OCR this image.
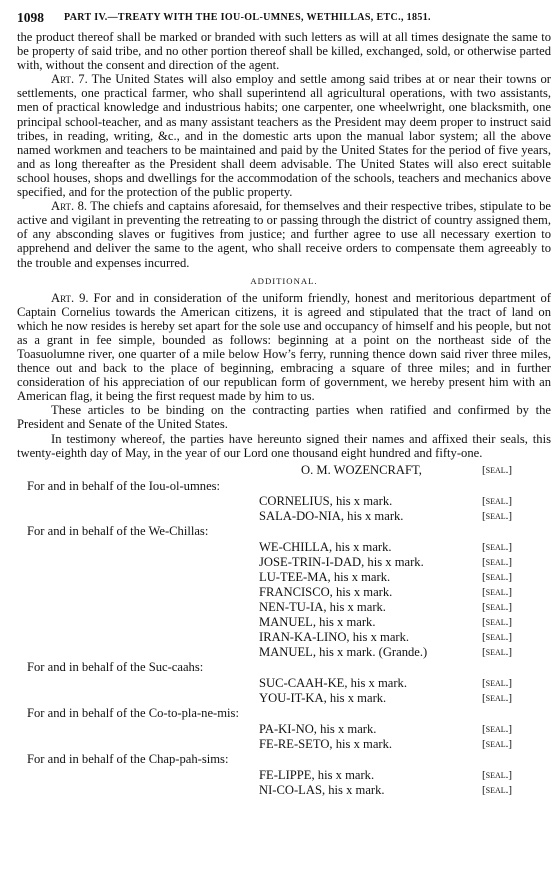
1098 PART IV.—TREATY WITH THE IOU-OL-UMNES, WETHILLAS, ETC., 1851.

the product thereof shall be marked or branded with such letters as will at all times designate the same to be property of said tribe, and no other portion thereof shall be killed, exchanged, sold, or otherwise parted with, without the consent and direction of the agent.

Art. 7. The United States will also employ and settle among said tribes at or near their towns or settlements, one practical farmer, who shall superintend all agricultural operations, with two assistants, men of practical knowledge and industrious habits; one carpenter, one wheelwright, one blacksmith, one principal school-teacher, and as many assistant teachers as the President may deem proper to instruct said tribes, in reading, writing, &c., and in the domestic arts upon the manual labor system; all the above named workmen and teachers to be maintained and paid by the United States for the period of five years, and as long thereafter as the President shall deem advisable. The United States will also erect suitable school houses, shops and dwellings for the accommodation of the schools, teachers and mechanics above specified, and for the protection of the public property.

Art. 8. The chiefs and captains aforesaid, for themselves and their respective tribes, stipulate to be active and vigilant in preventing the retreating to or passing through the district of country assigned them, of any absconding slaves or fugitives from justice; and further agree to use all necessary exertion to apprehend and deliver the same to the agent, who shall receive orders to compensate them agreeably to the trouble and expenses incurred.

ADDITIONAL.

Art. 9. For and in consideration of the uniform friendly, honest and meritorious department of Captain Cornelius towards the American citizens, it is agreed and stipulated that the tract of land on which he now resides is hereby set apart for the sole use and occupancy of himself and his people, but not as a grant in fee simple, bounded as follows: beginning at a point on the northeast side of the Toasuolumne river, one quarter of a mile below How’s ferry, running thence down said river three miles, thence out and back to the place of beginning, embracing a square of three miles; and in further consideration of his appreciation of our republican form of government, we hereby present him with an American flag, it being the first request made by him to us.

These articles to be binding on the contracting parties when ratified and confirmed by the President and Senate of the United States.

In testimony whereof, the parties have hereunto signed their names and affixed their seals, this twenty-eighth day of May, in the year of our Lord one thousand eight hundred and fifty-one.

O. M. WOZENCRAFT,	[seal.]
For and in behalf of the Iou-ol-umnes:
CORNELIUS, his x mark.	[seal.]
SALA-DO-NIA, his x mark.	[seal.]
For and in behalf of the We-Chillas:
WE-CHILLA, his x mark.	[seal.]
JOSE-TRIN-I-DAD, his x mark.	[seal.]
LU-TEE-MA, his x mark.	[seal.]
FRANCISCO, his x mark.	[seal.]
NEN-TU-IA, his x mark.	[seal.]
MANUEL, his x mark.	[seal.]
IRAN-KA-LINO, his x mark.	[seal.]
MANUEL, his x mark. (Grande.)	[seal.]
For and in behalf of the Suc-caahs:
SUC-CAAH-KE, his x mark.	[seal.]
YOU-IT-KA, his x mark.	[seal.]
For and in behalf of the Co-to-pla-ne-mis:
PA-KI-NO, his x mark.	[seal.]
FE-RE-SETO, his x mark.	[seal.]
For and in behalf of the Chap-pah-sims:
FE-LIPPE, his x mark.	[seal.]
NI-CO-LAS, his x mark.	[seal.]
